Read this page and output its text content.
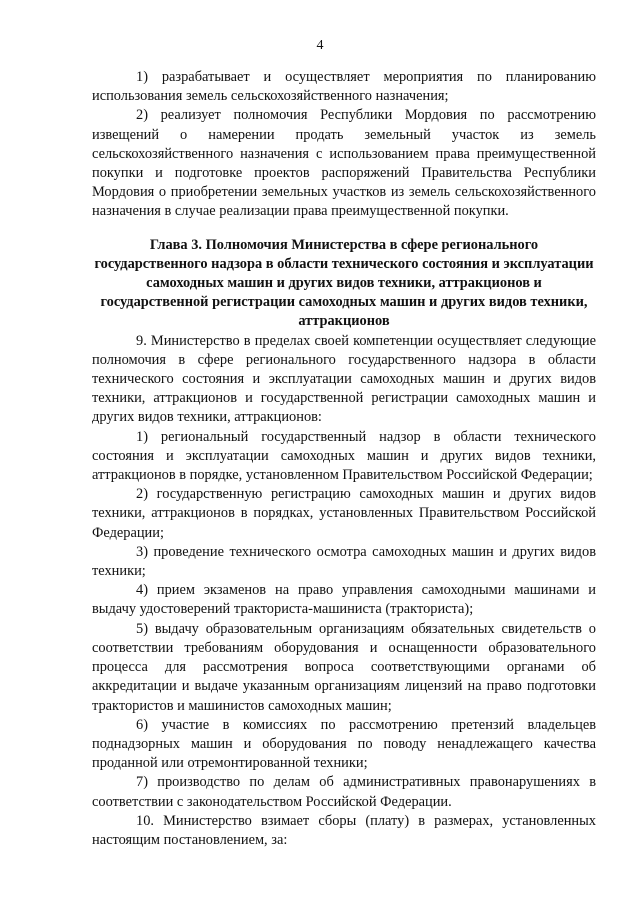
4

1) разрабатывает и осуществляет мероприятия по планированию использования земель сельскохозяйственного назначения;

2) реализует полномочия Республики Мордовия по рассмотрению извещений о намерении продать земельный участок из земель сельскохозяйственного назначения с использованием права преимущественной покупки и подготовке проектов распоряжений Правительства Республики Мордовия о приобретении земельных участков из земель сельскохозяйственного назначения в случае реализации права преимущественной покупки.

Глава 3. Полномочия Министерства в сфере регионального государственного надзора в области технического состояния и эксплуатации самоходных машин и других видов техники, аттракционов и государственной регистрации самоходных машин и других видов техники, аттракционов

9. Министерство в пределах своей компетенции осуществляет следующие полномочия в сфере регионального государственного надзора в области технического состояния и эксплуатации самоходных машин и других видов техники, аттракционов и государственной регистрации самоходных машин и других видов техники, аттракционов:

1) региональный государственный надзор в области технического состояния и эксплуатации самоходных машин и других видов техники, аттракционов в порядке, установленном Правительством Российской Федерации;

2) государственную регистрацию самоходных машин и других видов техники, аттракционов в порядках, установленных Правительством Российской Федерации;

3) проведение технического осмотра самоходных машин и других видов техники;

4) прием экзаменов на право управления самоходными машинами и выдачу удостоверений тракториста-машиниста (тракториста);

5) выдачу образовательным организациям обязательных свидетельств о соответствии требованиям оборудования и оснащенности образовательного процесса для рассмотрения вопроса соответствующими органами об аккредитации и выдаче указанным организациям лицензий на право подготовки трактористов и машинистов самоходных машин;

6) участие в комиссиях по рассмотрению претензий владельцев поднадзорных машин и оборудования по поводу ненадлежащего качества проданной или отремонтированной техники;

7) производство по делам об административных правонарушениях в соответствии с законодательством Российской Федерации.

10. Министерство взимает сборы (плату) в размерах, установленных настоящим постановлением, за:
